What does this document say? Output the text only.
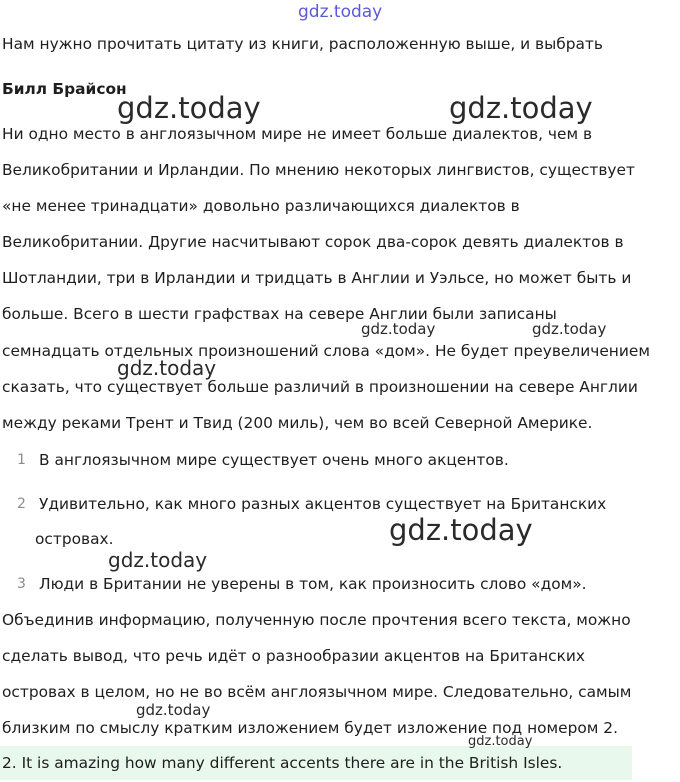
gdz.today
Нам нужно прочитать цитату из книги, расположенную выше, и выбрать
Билл Брайсон
Ни одно место в англоязычном мире не имеет больше диалектов, чем в
Великобритании и Ирландии. По мнению некоторых лингвистов, существует
«не менее тринадцати» довольно различающихся диалектов в
Великобритании. Другие насчитывают сорок два-сорок девять диалектов в
Шотландии, три в Ирландии и тридцать в Англии и Уэльсе, но может быть и
больше. Всего в шести графствах на севере Англии были записаны
семнадцать отдельных произношений слова «дом». Не будет преувеличением
сказать, что существует больше различий в произношении на севере Англии
между реками Трент и Твид (200 миль), чем во всей Северной Америке.
1 В англоязычном мире существует очень много акцентов.
2 Удивительно, как много разных акцентов существует на Британских
островах.
3 Люди в Британии не уверены в том, как произносить слово «дом».
Объединив информацию, полученную после прочтения всего текста, можно
сделать вывод, что речь идёт о разнообразии акцентов на Британских
островах в целом, но не во всём англоязычном мире. Следовательно, самым
близким по смыслу кратким изложением будет изложение под номером 2.
2. It is amazing how many different accents there are in the British Isles.
gdz.today	gdz.today
gdz.today	gdz.today
gdz.today
gdz.today
gdz.today
gdz.today
gdz.today
